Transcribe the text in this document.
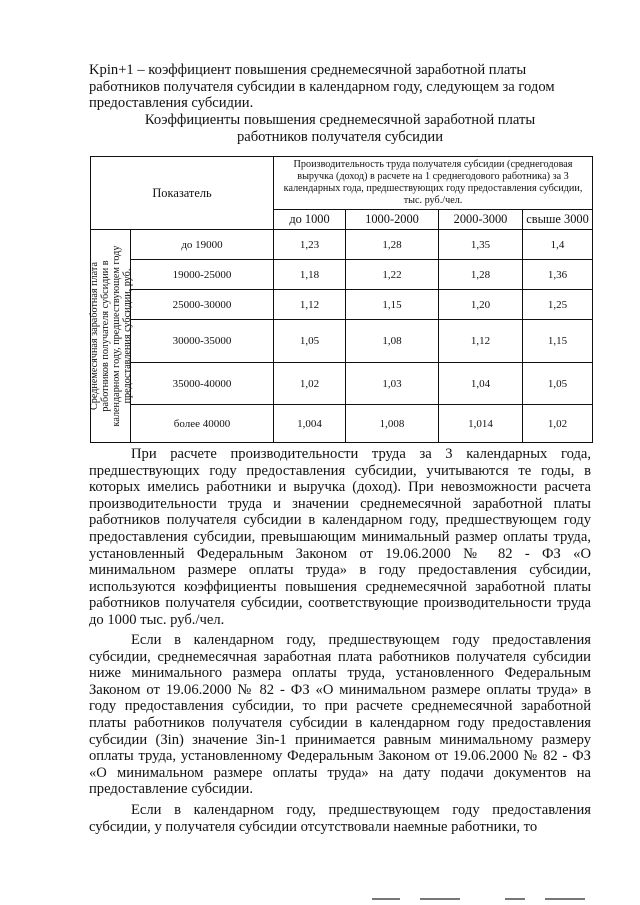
Kpin+1 – коэффициент повышения среднемесячной заработной платы
работников получателя субсидии в календарном году, следующем за годом
предоставления субсидии.

Коэффициенты повышения среднемесячной заработной платы
работников получателя субсидии

Показатель		Производительность труда получателя субсидии (среднегодовая выручка (доход) в расчете на 1 среднегодового работника) за 3 календарных года, предшествующих году предоставления субсидии, тыс. руб./чел.			
		до 1000	1000-2000	2000-3000	свыше 3000

Среднемесячная заработная плата работников получателя субсидии в календарном году, предшествующем году предоставления субсидии, руб.	до 19000	1,23	1,28	1,35	1,4
	19000-25000	1,18	1,22	1,28	1,36
	25000-30000	1,12	1,15	1,20	1,25
	30000-35000	1,05	1,08	1,12	1,15
	35000-40000	1,02	1,03	1,04	1,05
	более 40000	1,004	1,008	1,014	1,02

При расчете производительности труда за 3 календарных года, предшествующих году предоставления субсидии, учитываются те годы, в которых имелись работники и выручка (доход). При невозможности расчета производительности труда и значении среднемесячной заработной платы работников получателя субсидии в календарном году, предшествующем году предоставления субсидии, превышающим минимальный размер оплаты труда, установленный Федеральным Законом от 19.06.2000 № 82 - ФЗ «О минимальном размере оплаты труда» в году предоставления субсидии, используются коэффициенты повышения среднемесячной заработной платы работников получателя субсидии, соответствующие производительности труда до 1000 тыс. руб./чел.

Если в календарном году, предшествующем году предоставления субсидии, среднемесячная заработная плата работников получателя субсидии ниже минимального размера оплаты труда, установленного Федеральным Законом от 19.06.2000 № 82 - ФЗ «О минимальном размере оплаты труда» в году предоставления субсидии, то при расчете среднемесячной заработной платы работников получателя субсидии в календарном году предоставления субсидии (Зin) значение Зin-1 принимается равным минимальному размеру оплаты труда, установленному Федеральным Законом от 19.06.2000 № 82 - ФЗ «О минимальном размере оплаты труда» на дату подачи документов на предоставление субсидии.

Если в календарном году, предшествующем году предоставления субсидии, у получателя субсидии отсутствовали наемные работники, то
